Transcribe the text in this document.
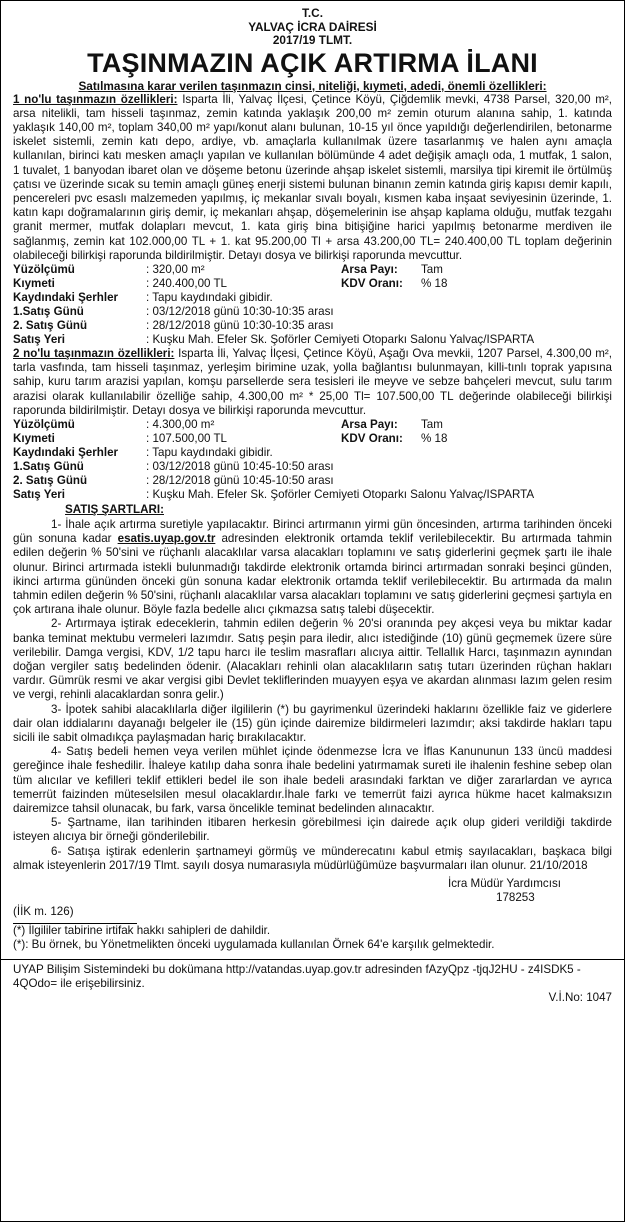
T.C.
YALVAÇ İCRA DAİRESİ
2017/19 TLMT.
TAŞINMAZIN AÇIK ARTIRMA İLANI
Satılmasına karar verilen taşınmazın cinsi, niteliği, kıymeti, adedi, önemli özellikleri:

1 no'lu taşınmazın özellikleri: Isparta İli, Yalvaç İlçesi, Çetince Köyü, Çiğdemlik mevki, 4738 Parsel, 320,00 m², arsa nitelikli, tam hisseli taşınmaz, zemin katında yaklaşık 200,00 m² zemin oturum alanına sahip, 1. katında yaklaşık 140,00 m², toplam 340,00 m² yapı/konut alanı bulunan, 10-15 yıl önce yapıldığı değerlendirilen, betonarme iskelet sistemli, zemin katı depo, ardiye, vb. amaçlarla kullanılmak üzere tasarlanmış ve halen aynı amaçla kullanılan, birinci katı mesken amaçlı yapılan ve kullanılan bölümünde 4 adet değişik amaçlı oda, 1 mutfak, 1 salon, 1 tuvalet, 1 banyodan ibaret olan ve döşeme betonu üzerinde ahşap iskelet sistemli, marsilya tipi kiremit ile örtülmüş çatısı ve üzerinde sıcak su temin amaçlı güneş enerji sistemi bulunan binanın zemin katında giriş kapısı demir kapılı, pencereleri pvc esaslı malzemeden yapılmış, iç mekanlar sıvalı boyalı, kısmen kaba inşaat seviyesinin üzerinde, 1. katın kapı doğramalarının giriş demir, iç mekanları ahşap, döşemelerinin ise ahşap kaplama olduğu, mutfak tezgahı granit mermer, mutfak dolapları mevcut, 1. kata giriş bina bitişiğine harici yapılmış betonarme merdiven ile sağlanmış, zemin kat 102.000,00 TL + 1. kat 95.200,00 Tl + arsa 43.200,00 TL= 240.400,00 TL toplam değerinin olabileceği bilirkişi raporunda bildirilmiştir. Detayı dosya ve bilirkişi raporunda mevcuttur.

Yüzölçümü	: 320,00 m²	Arsa Payı:	Tam
Kıymeti	: 240.400,00 TL	KDV Oranı:	% 18
Kaydındaki Şerhler	: Tapu kaydındaki gibidir.
1.Satış Günü	: 03/12/2018 günü 10:30-10:35 arası
2. Satış Günü	: 28/12/2018 günü 10:30-10:35 arası
Satış Yeri	: Kuşku Mah. Efeler Sk. Şoförler Cemiyeti Otoparkı Salonu Yalvaç/ISPARTA

2 no'lu taşınmazın özellikleri: Isparta İli, Yalvaç İlçesi, Çetince Köyü, Aşağı Ova mevkii, 1207 Parsel, 4.300,00 m², tarla vasfında, tam hisseli taşınmaz, yerleşim birimine uzak, yolla bağlantısı bulunmayan, killi-tınlı toprak yapısına sahip, kuru tarım arazisi yapılan, komşu parsellerde sera tesisleri ile meyve ve sebze bahçeleri mevcut, sulu tarım arazisi olarak kullanılabilir özelliğe sahip, 4.300,00 m² * 25,00 Tl= 107.500,00 TL değerinde olabileceği bilirkişi raporunda bildirilmiştir. Detayı dosya ve bilirkişi raporunda mevcuttur.

Yüzölçümü	: 4.300,00 m²	Arsa Payı:	Tam
Kıymeti	: 107.500,00 TL	KDV Oranı:	% 18
Kaydındaki Şerhler	: Tapu kaydındaki gibidir.
1.Satış Günü	: 03/12/2018 günü 10:45-10:50 arası
2. Satış Günü	: 28/12/2018 günü 10:45-10:50 arası
Satış Yeri	: Kuşku Mah. Efeler Sk. Şoförler Cemiyeti Otoparkı Salonu Yalvaç/ISPARTA
SATIŞ ŞARTLARI:

1- İhale açık artırma suretiyle yapılacaktır. Birinci artırmanın yirmi gün öncesinden, artırma tarihinden önceki gün sonuna kadar esatis.uyap.gov.tr adresinden elektronik ortamda teklif verilebilecektir. Bu artırmada tahmin edilen değerin % 50'sini ve rüçhanlı alacaklılar varsa alacakları toplamını ve satış giderlerini geçmek şartı ile ihale olunur. Birinci artırmada istekli bulunmadığı takdirde elektronik ortamda birinci artırmadan sonraki beşinci günden, ikinci artırma gününden önceki gün sonuna kadar elektronik ortamda teklif verilebilecektir. Bu artırmada da malın tahmin edilen değerin % 50'sini, rüçhanlı alacaklılar varsa alacakları toplamını ve satış giderlerini geçmesi şartıyla en çok artırana ihale olunur. Böyle fazla bedelle alıcı çıkmazsa satış talebi düşecektir.

2- Artırmaya iştirak edeceklerin, tahmin edilen değerin % 20'si oranında pey akçesi veya bu miktar kadar banka teminat mektubu vermeleri lazımdır. Satış peşin para iledir, alıcı istediğinde (10) günü geçmemek üzere süre verilebilir. Damga vergisi, KDV, 1/2 tapu harcı ile teslim masrafları alıcıya aittir. Tellallık Harcı, taşınmazın aynından doğan vergiler satış bedelinden ödenir. (Alacakları rehinli olan alacaklıların satış tutarı üzerinden rüçhan hakları vardır. Gümrük resmi ve akar vergisi gibi Devlet tekliflerinden muayyen eşya ve akardan alınması lazım gelen resim ve vergi, rehinli alacaklardan sonra gelir.)

3- İpotek sahibi alacaklılarla diğer ilgililerin (*) bu gayrimenkul üzerindeki haklarını özellikle faiz ve giderlere dair olan iddialarını dayanağı belgeler ile (15) gün içinde dairemize bildirmeleri lazımdır; aksi takdirde hakları tapu sicili ile sabit olmadıkça paylaşmadan hariç bırakılacaktır.

4- Satış bedeli hemen veya verilen mühlet içinde ödenmezse İcra ve İflas Kanununun 133 üncü maddesi gereğince ihale feshedilir. İhaleye katılıp daha sonra ihale bedelini yatırmamak sureti ile ihalenin feshine sebep olan tüm alıcılar ve kefilleri teklif ettikleri bedel ile son ihale bedeli arasındaki farktan ve diğer zararlardan ve ayrıca temerrüt faizinden müteselsilen mesul olacaklardır.İhale farkı ve temerrüt faizi ayrıca hükme hacet kalmaksızın dairemizce tahsil olunacak, bu fark, varsa öncelikle teminat bedelinden alınacaktır.

5- Şartname, ilan tarihinden itibaren herkesin görebilmesi için dairede açık olup gideri verildiği takdirde isteyen alıcıya bir örneği gönderilebilir.

6- Satışa iştirak edenlerin şartnameyi görmüş ve münderecatını kabul etmiş sayılacakları, başkaca bilgi almak isteyenlerin 2017/19 Tlmt. sayılı dosya numarasıyla müdürlüğümüze başvurmaları ilan olunur. 21/10/2018

İcra Müdür Yardımcısı
178253
(İİK m. 126)
(*) İlgililer tabirine irtifak hakkı sahipleri de dahildir.
(*): Bu örnek, bu Yönetmelikten önceki uygulamada kullanılan Örnek 64'e karşılık gelmektedir.
UYAP Bilişim Sistemindeki bu dokümana http://vatandas.uyap.gov.tr adresinden fAzyQpz -tjqJ2HU - z4ISDK5 - 4QOdo= ile erişebilirsiniz.
V.İ.No: 1047
